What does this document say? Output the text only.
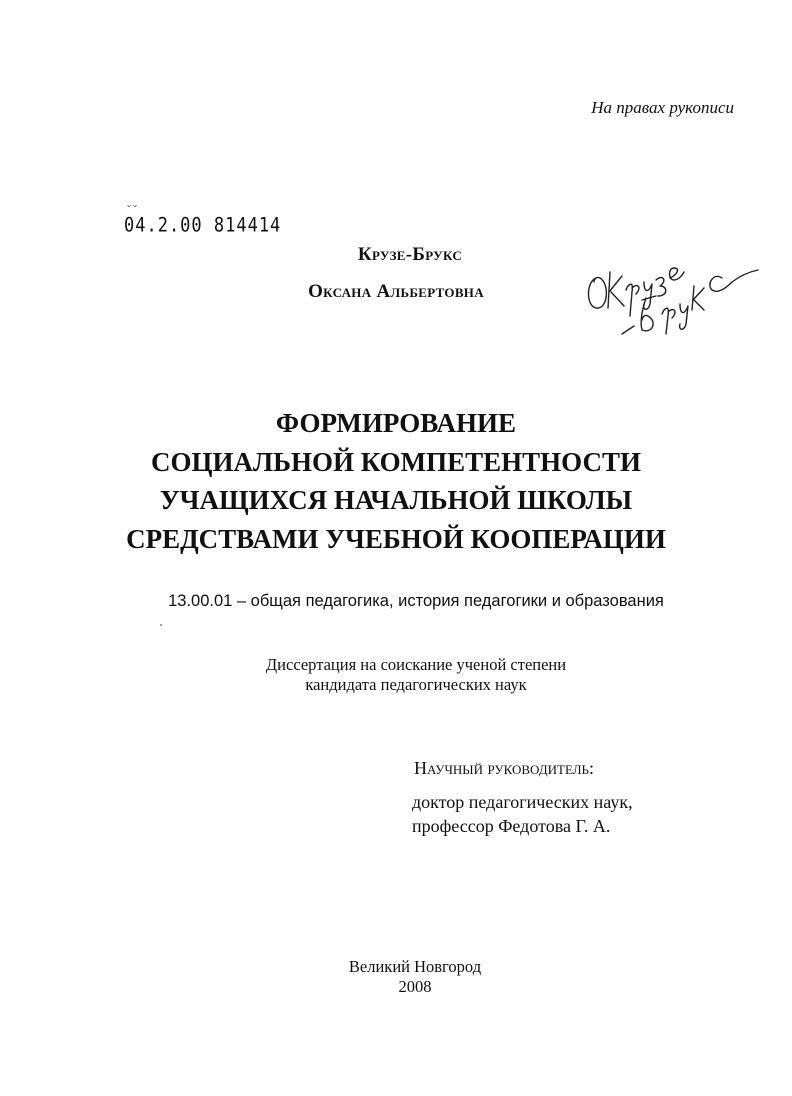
На правах рукописи
˘˘
04.2.00 814414
Крузе-Брукс
Оксана Альбертовна
ФОРМИРОВАНИЕ
СОЦИАЛЬНОЙ КОМПЕТЕНТНОСТИ
УЧАЩИХСЯ НАЧАЛЬНОЙ ШКОЛЫ
СРЕДСТВАМИ УЧЕБНОЙ КООПЕРАЦИИ
13.00.01 – общая педагогика, история педагогики и образования
Диссертация на соискание ученой степени
кандидата педагогических наук
Научный руководитель:
доктор педагогических наук,
профессор Федотова Г. А.
Великий Новгород
2008
